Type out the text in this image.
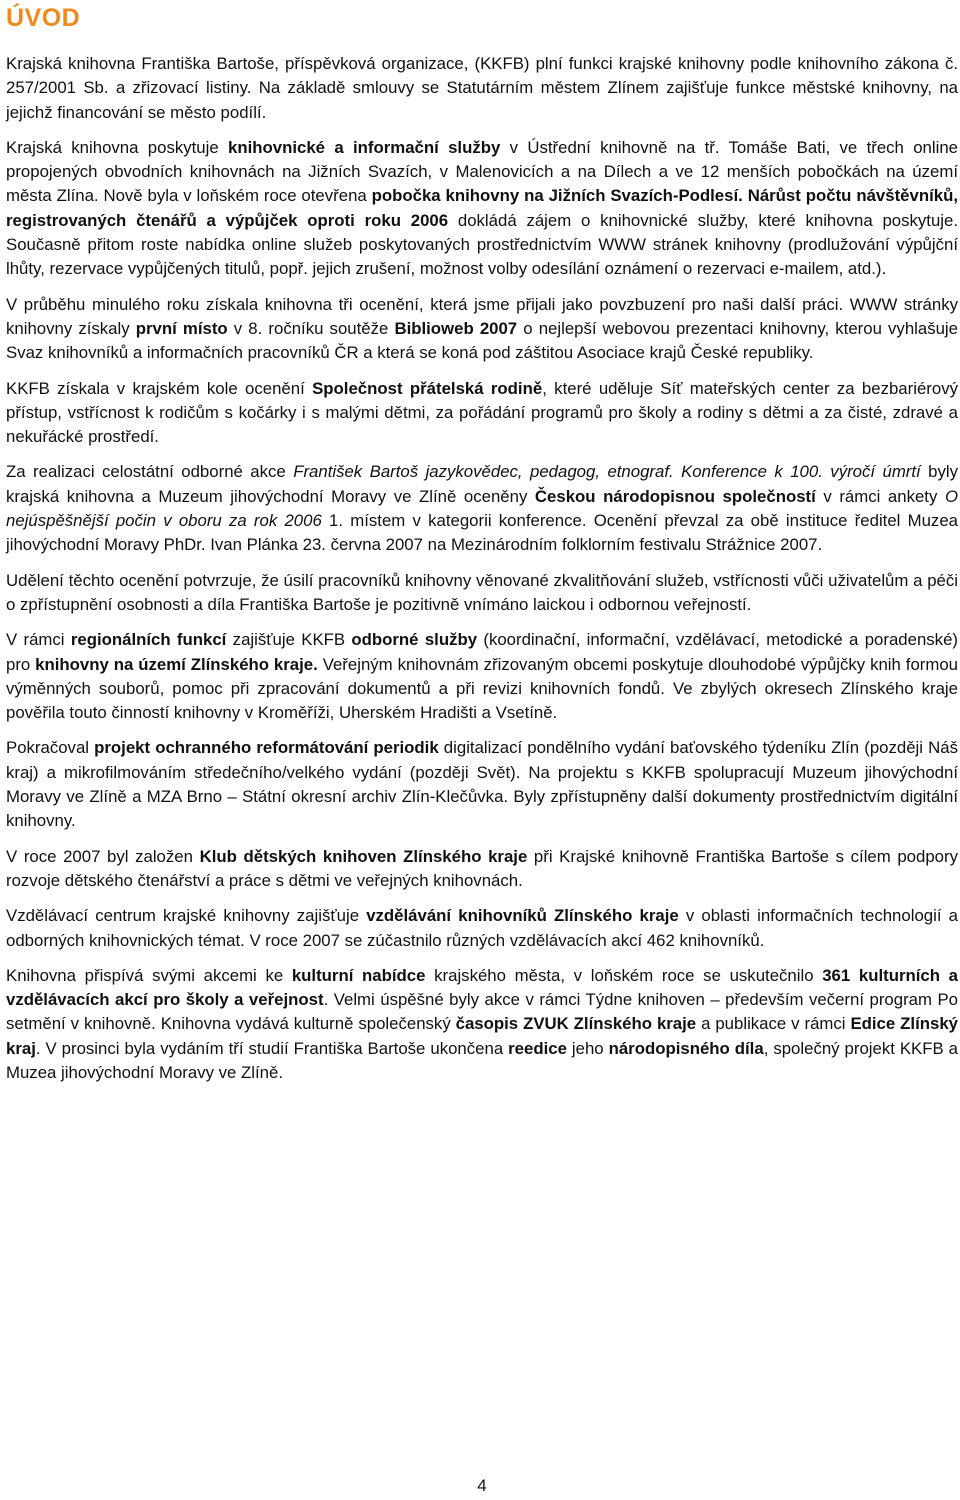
ÚVOD

Krajská knihovna Františka Bartoše, příspěvková organizace, (KKFB) plní funkci krajské knihovny podle knihovního zákona č. 257/2001 Sb. a zřizovací listiny. Na základě smlouvy se Statutárním městem Zlínem zajišťuje funkce městské knihovny, na jejichž financování se město podílí.

Krajská knihovna poskytuje knihovnické a informační služby v Ústřední knihovně na tř. Tomáše Bati, ve třech online propojených obvodních knihovnách na Jižních Svazích, v Malenovicích a na Dílech a ve 12 menších pobočkách na území města Zlína. Nově byla v loňském roce otevřena pobočka knihovny na Jižních Svazích-Podlesí. Nárůst počtu návštěvníků, registrovaných čtenářů a výpůjček oproti roku 2006 dokládá zájem o knihovnické služby, které knihovna poskytuje. Současně přitom roste nabídka online služeb poskytovaných prostřednictvím WWW stránek knihovny (prodlužování výpůjční lhůty, rezervace vypůjčených titulů, popř. jejich zrušení, možnost volby odesílání oznámení o rezervaci e-mailem, atd.).

V průběhu minulého roku získala knihovna tři ocenění, která jsme přijali jako povzbuzení pro naši další práci. WWW stránky knihovny získaly první místo v 8. ročníku soutěže Biblioweb 2007 o nejlepší webovou prezentaci knihovny, kterou vyhlašuje Svaz knihovníků a informačních pracovníků ČR a která se koná pod záštitou Asociace krajů České republiky.

KKFB získala v krajském kole ocenění Společnost přátelská rodině, které uděluje Síť mateřských center za bezbariérový přístup, vstřícnost k rodičům s kočárky i s malými dětmi, za pořádání programů pro školy a rodiny s dětmi a za čisté, zdravé a nekuřácké prostředí.

Za realizaci celostátní odborné akce František Bartoš jazykovědec, pedagog, etnograf. Konference k 100. výročí úmrtí byly krajská knihovna a Muzeum jihovýchodní Moravy ve Zlíně oceněny Českou národopisnou společností v rámci ankety O nejúspěšnější počin v oboru za rok 2006 1. místem v kategorii konference. Ocenění převzal za obě instituce ředitel Muzea jihovýchodní Moravy PhDr. Ivan Plánka 23. června 2007 na Mezinárodním folklorním festivalu Strážnice 2007.

Udělení těchto ocenění potvrzuje, že úsilí pracovníků knihovny věnované zkvalitňování služeb, vstřícnosti vůči uživatelům a péči o zpřístupnění osobnosti a díla Františka Bartoše je pozitivně vnímáno laickou i odbornou veřejností.

V rámci regionálních funkcí zajišťuje KKFB odborné služby (koordinační, informační, vzdělávací, metodické a poradenské) pro knihovny na území Zlínského kraje. Veřejným knihovnám zřizovaným obcemi poskytuje dlouhodobé výpůjčky knih formou výměnných souborů, pomoc při zpracování dokumentů a při revizi knihovních fondů. Ve zbylých okresech Zlínského kraje pověřila touto činností knihovny v Kroměříži, Uherském Hradišti a Vsetíně.

Pokračoval projekt ochranného reformátování periodik digitalizací pondělního vydání baťovského týdeníku Zlín (později Náš kraj) a mikrofilmováním středečního/velkého vydání (později Svět). Na projektu s KKFB spolupracují Muzeum jihovýchodní Moravy ve Zlíně a MZA Brno – Státní okresní archiv Zlín-Klečůvka. Byly zpřístupněny další dokumenty prostřednictvím digitální knihovny.

V roce 2007 byl založen Klub dětských knihoven Zlínského kraje při Krajské knihovně Františka Bartoše s cílem podpory rozvoje dětského čtenářství a práce s dětmi ve veřejných knihovnách.

Vzdělávací centrum krajské knihovny zajišťuje vzdělávání knihovníků Zlínského kraje v oblasti informačních technologií a odborných knihovnických témat. V roce 2007 se zúčastnilo různých vzdělávacích akcí 462 knihovníků.

Knihovna přispívá svými akcemi ke kulturní nabídce krajského města, v loňském roce se uskutečnilo 361 kulturních a vzdělávacích akcí pro školy a veřejnost. Velmi úspěšné byly akce v rámci Týdne knihoven – především večerní program Po setmění v knihovně. Knihovna vydává kulturně společenský časopis ZVUK Zlínského kraje a publikace v rámci Edice Zlínský kraj. V prosinci byla vydáním tří studií Františka Bartoše ukončena reedice jeho národopisného díla, společný projekt KKFB a Muzea jihovýchodní Moravy ve Zlíně.

4
